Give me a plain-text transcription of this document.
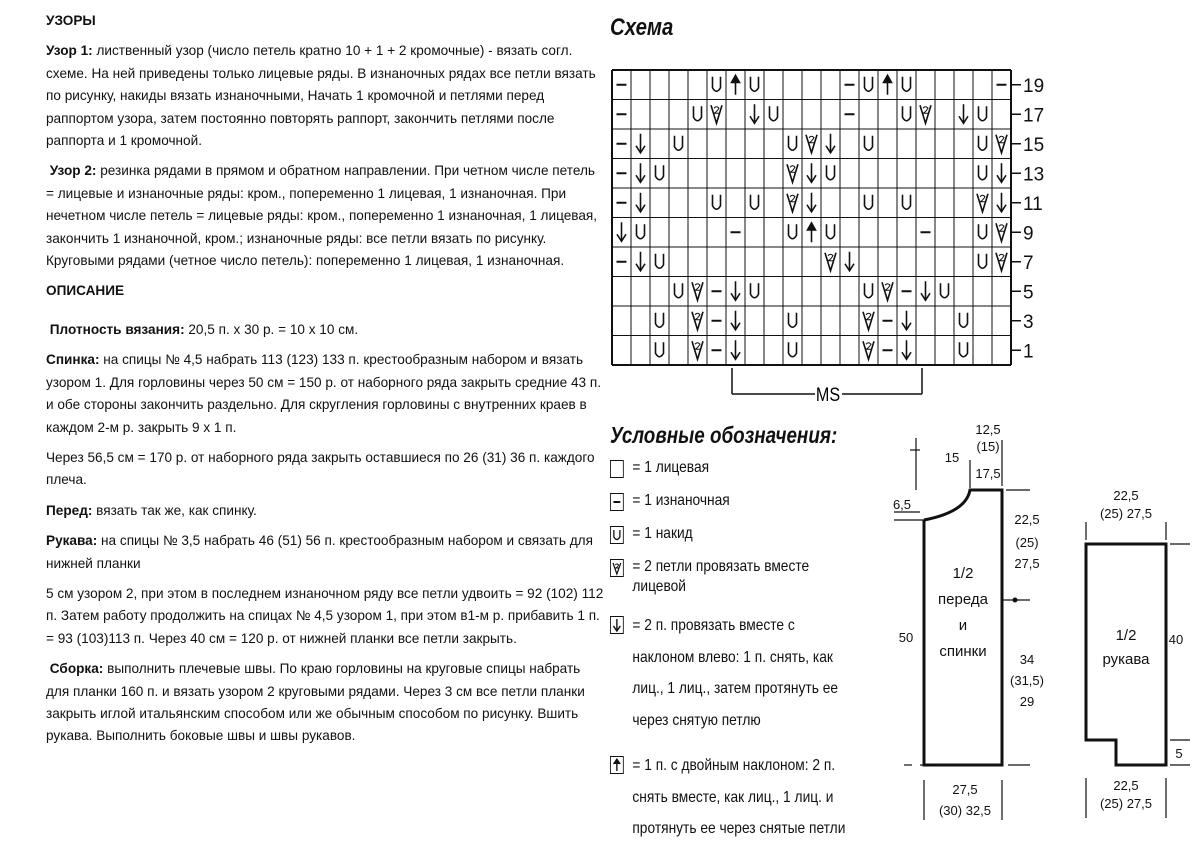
УЗОРЫ

Узор 1: лиственный узор (число петель кратно 10 + 1 + 2 кромочные) - вязать согл. схеме. На ней приведены только лицевые ряды. В изнаночных рядах все петли вязать по рисунку, накиды вязать изнаночными, Начать 1 кромочной и петлями перед раппортом узора, затем постоянно повторять раппорт, закончить петлями после раппорта и 1 кромочной.

Узор 2: резинка рядами в прямом и обратном направлении. При четном числе петель = лицевые и изнаночные ряды: кром., попеременно 1 лицевая, 1 изнаночная. При нечетном числе петель = лицевые ряды: кром., попеременно 1 изнаночная, 1 лицевая, закончить 1 изнаночной, кром.; изнаночные ряды: все петли вязать по рисунку. Круговыми рядами (четное число петель): попеременно 1 лицевая, 1 изнаночная.

ОПИСАНИЕ

Плотность вязания: 20,5 п. х 30 р. = 10 х 10 см.

Спинка: на спицы № 4,5 набрать 113 (123) 133 п. крестообразным набором и вязать узором 1. Для горловины через 50 см = 150 р. от наборного ряда закрыть средние 43 п. и обе стороны закончить раздельно. Для скругления горловины с внутренних краев в каждом 2-м р. закрыть 9 х 1 п.

Через 56,5 см = 170 р. от наборного ряда закрыть оставшиеся по 26 (31) 36 п. каждого плеча.

Перед: вязать так же, как спинку.

Рукава: на спицы № 3,5 набрать 46 (51) 56 п. крестообразным набором и связать для нижней планки

5 см узором 2, при этом в последнем изнаночном ряду все петли удвоить = 92 (102) 112 п. Затем работу продолжить на спицах № 4,5 узором 1, при этом в1-м р. прибавить 1 п. = 93 (103)113 п. Через 40 см = 120 р. от нижней планки все петли закрыть.

Сборка: выполнить плечевые швы. По краю горловины на круговые спицы набрать для планки 160 п. и вязать узором 2 круговыми рядами. Через 3 см все петли планки закрыть иглой итальянским способом или же обычным способом по рисунку. Вшить рукава. Выполнить боковые швы и швы рукавов.

Схема
19
17
15
13
11
9
7
5
3
1
MS
Условные обозначения:
= 1 лицевая
= 1 изнаночная
= 1 накид
= 2 петли провязать вместе лицевой
= 2 п. провязать вместе с наклоном влево: 1 п. снять, как лиц., 1 лиц., затем протянуть ее через снятую петлю
= 1 п. с двойным наклоном: 2 п. снять вместе, как лиц., 1 лиц. и протянуть ее через снятые петли
15
12,5
(15)
17,5
6,5
22,5
(25)
27,5
50
34
(31,5)
29
27,5
(30) 32,5
1/2
переда
и
спинки
22,5
(25) 27,5
40
5
22,5
(25) 27,5
1/2
рукава
